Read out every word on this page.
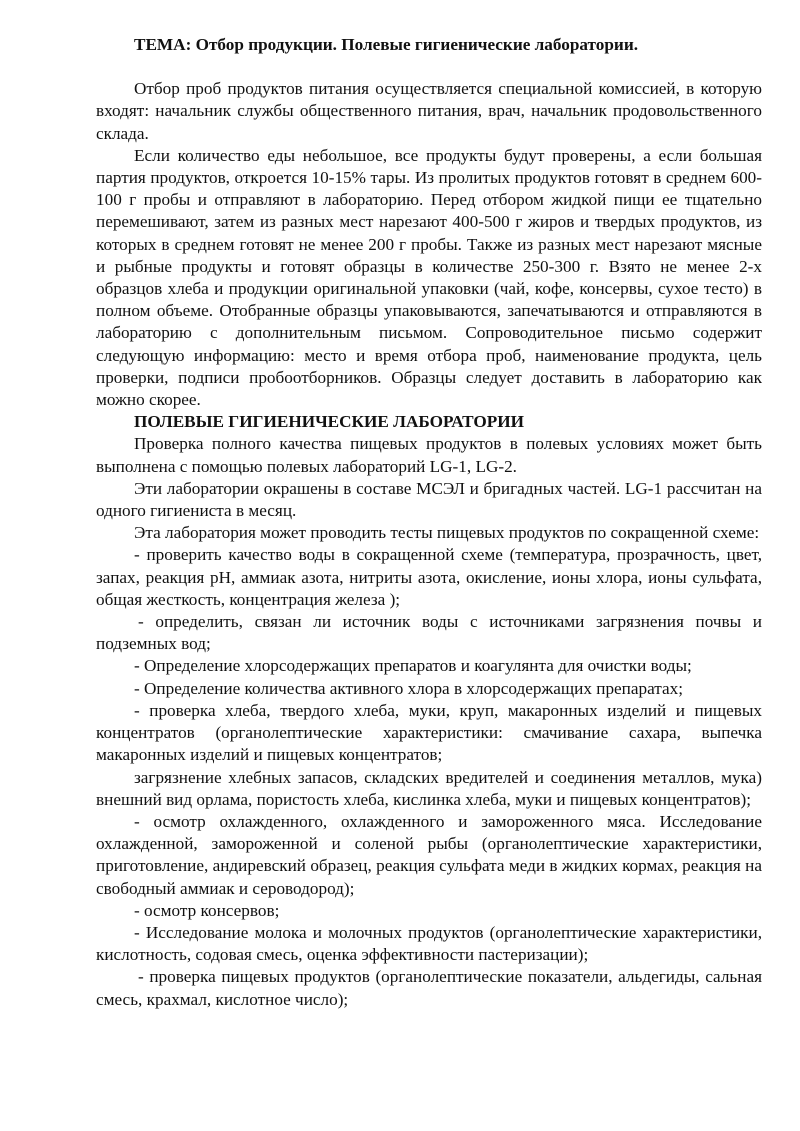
ТЕМА: Отбор продукции. Полевые гигиенические лаборатории.

Отбор проб продуктов питания осуществляется специальной комиссией, в которую входят: начальник службы общественного питания, врач, начальник продовольственного склада.

Если количество еды небольшое, все продукты будут проверены, а если большая партия продуктов, откроется 10-15% тары. Из пролитых продуктов готовят в среднем 600-100 г пробы и отправляют в лабораторию. Перед отбором жидкой пищи ее тщательно перемешивают, затем из разных мест нарезают 400-500 г жиров и твердых продуктов, из которых в среднем готовят не менее 200 г пробы. Также из разных мест нарезают мясные и рыбные продукты и готовят образцы в количестве 250-300 г. Взято не менее 2-х образцов хлеба и продукции оригинальной упаковки (чай, кофе, консервы, сухое тесто) в полном объеме. Отобранные образцы упаковываются, запечатываются и отправляются в лабораторию с дополнительным письмом. Сопроводительное письмо содержит следующую информацию: место и время отбора проб, наименование продукта, цель проверки, подписи пробоотборников. Образцы следует доставить в лабораторию как можно скорее.

ПОЛЕВЫЕ ГИГИЕНИЧЕСКИЕ ЛАБОРАТОРИИ

Проверка полного качества пищевых продуктов в полевых условиях может быть выполнена с помощью полевых лабораторий LG-1, LG-2.

Эти лаборатории окрашены в составе МСЭЛ и бригадных частей. LG-1 рассчитан на одного гигиениста в месяц.

Эта лаборатория может проводить тесты пищевых продуктов по сокращенной схеме:

- проверить качество воды в сокращенной схеме (температура, прозрачность, цвет, запах, реакция pH, аммиак азота, нитриты азота, окисление, ионы хлора, ионы сульфата, общая жесткость, концентрация железа );

- определить, связан ли источник воды с источниками загрязнения почвы и подземных вод;

- Определение хлорсодержащих препаратов и коагулянта для очистки воды;

- Определение количества активного хлора в хлорсодержащих препаратах;

- проверка хлеба, твердого хлеба, муки, круп, макаронных изделий и пищевых концентратов (органолептические характеристики: смачивание сахара, выпечка макаронных изделий и пищевых концентратов;

загрязнение хлебных запасов, складских вредителей и соединения металлов, мука) внешний вид орлама, пористость хлеба, кислинка хлеба, муки и пищевых концентратов);

- осмотр охлажденного, охлажденного и замороженного мяса. Исследование охлажденной, замороженной и соленой рыбы (органолептические характеристики, приготовление, андиревский образец, реакция сульфата меди в жидких кормах, реакция на свободный аммиак и сероводород);

- осмотр консервов;

- Исследование молока и молочных продуктов (органолептические характеристики, кислотность, содовая смесь, оценка эффективности пастеризации);

- проверка пищевых продуктов (органолептические показатели, альдегиды, сальная смесь, крахмал, кислотное число);
